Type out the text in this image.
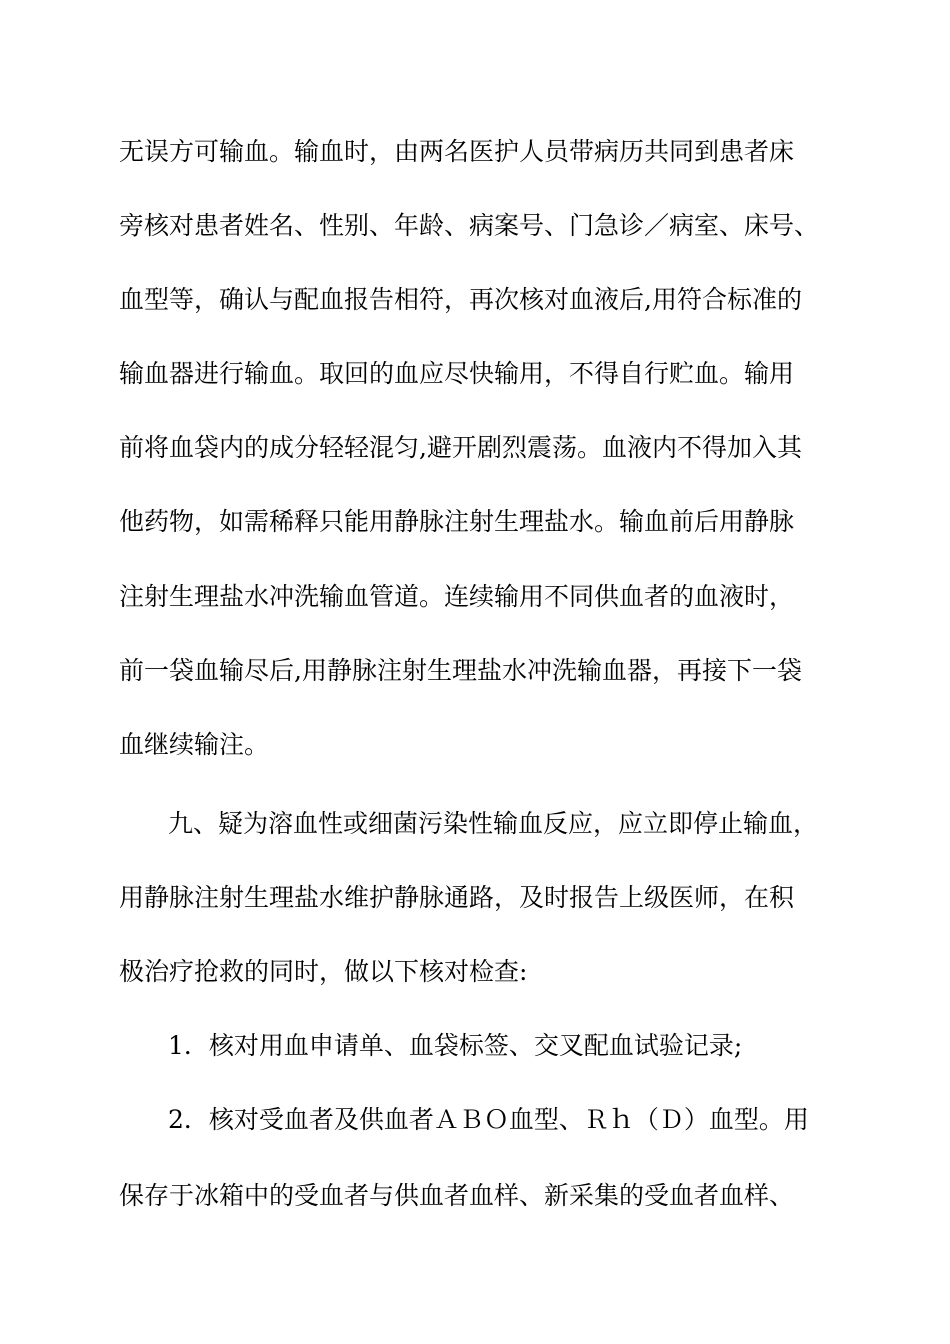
无误方可输血。输血时，由两名医护人员带病历共同到患者床
旁核对患者姓名、性别、年龄、病案号、门急诊／病室、床号、
血型等，确认与配血报告相符，再次核对血液后,用符合标准的
输血器进行输血。取回的血应尽快输用，不得自行贮血。输用
前将血袋内的成分轻轻混匀,避开剧烈震荡。血液内不得加入其
他药物，如需稀释只能用静脉注射生理盐水。输血前后用静脉
注射生理盐水冲洗输血管道。连续输用不同供血者的血液时，
前一袋血输尽后,用静脉注射生理盐水冲洗输血器，再接下一袋
血继续输注。
九、疑为溶血性或细菌污染性输血反应，应立即停止输血，
用静脉注射生理盐水维护静脉通路，及时报告上级医师，在积
极治疗抢救的同时，做以下核对检查:
1．核对用血申请单、血袋标签、交叉配血试验记录;
2．核对受血者及供血者ＡＢＯ血型、Ｒｈ（Ｄ）血型。用
保存于冰箱中的受血者与供血者血样、新采集的受血者血样、
